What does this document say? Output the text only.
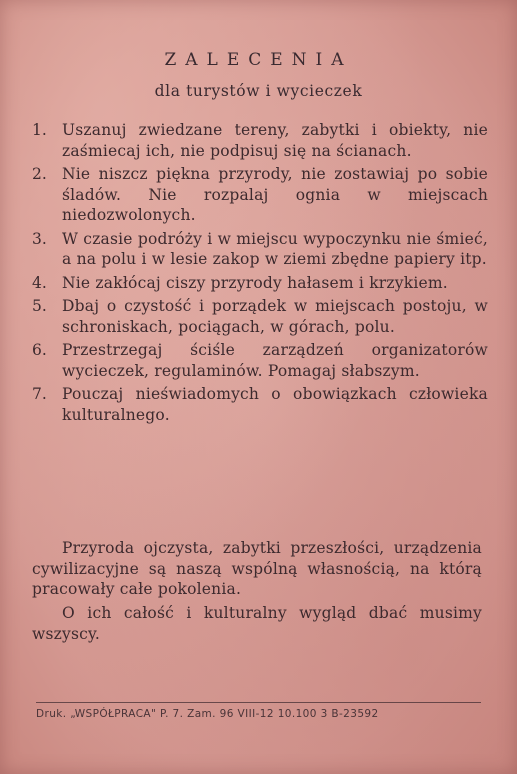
ZALECENIA
dla turystów i wycieczek
1. Uszanuj zwiedzane tereny, zabytki i obiekty, nie zaśmiecaj ich, nie podpisuj się na ścianach.
2. Nie niszcz piękna przyrody, nie zostawiaj po sobie śladów. Nie rozpalaj ognia w miejscach niedozwolonych.
3. W czasie podróży i w miejscu wypoczynku nie śmieć, a na polu i w lesie zakop w ziemi zbędne papiery itp.
4. Nie zakłócaj ciszy przyrody hałasem i krzykiem.
5. Dbaj o czystość i porządek w miejscach postoju, w schroniskach, pociągach, w górach, polu.
6. Przestrzegaj ściśle zarządzeń organizatorów wycieczek, regulaminów. Pomagaj słabszym.
7. Pouczaj nieświadomych o obowiązkach człowieka kulturalnego.

Przyroda ojczysta, zabytki przeszłości, urządzenia cywilizacyjne są naszą wspólną własnością, na którą pracowały całe pokolenia.

O ich całość i kulturalny wygląd dbać musimy wszyscy.

Druk. „WSPÓŁPRACA" P. 7. Zam. 96 VIII-12 10.100 3 B-23592
